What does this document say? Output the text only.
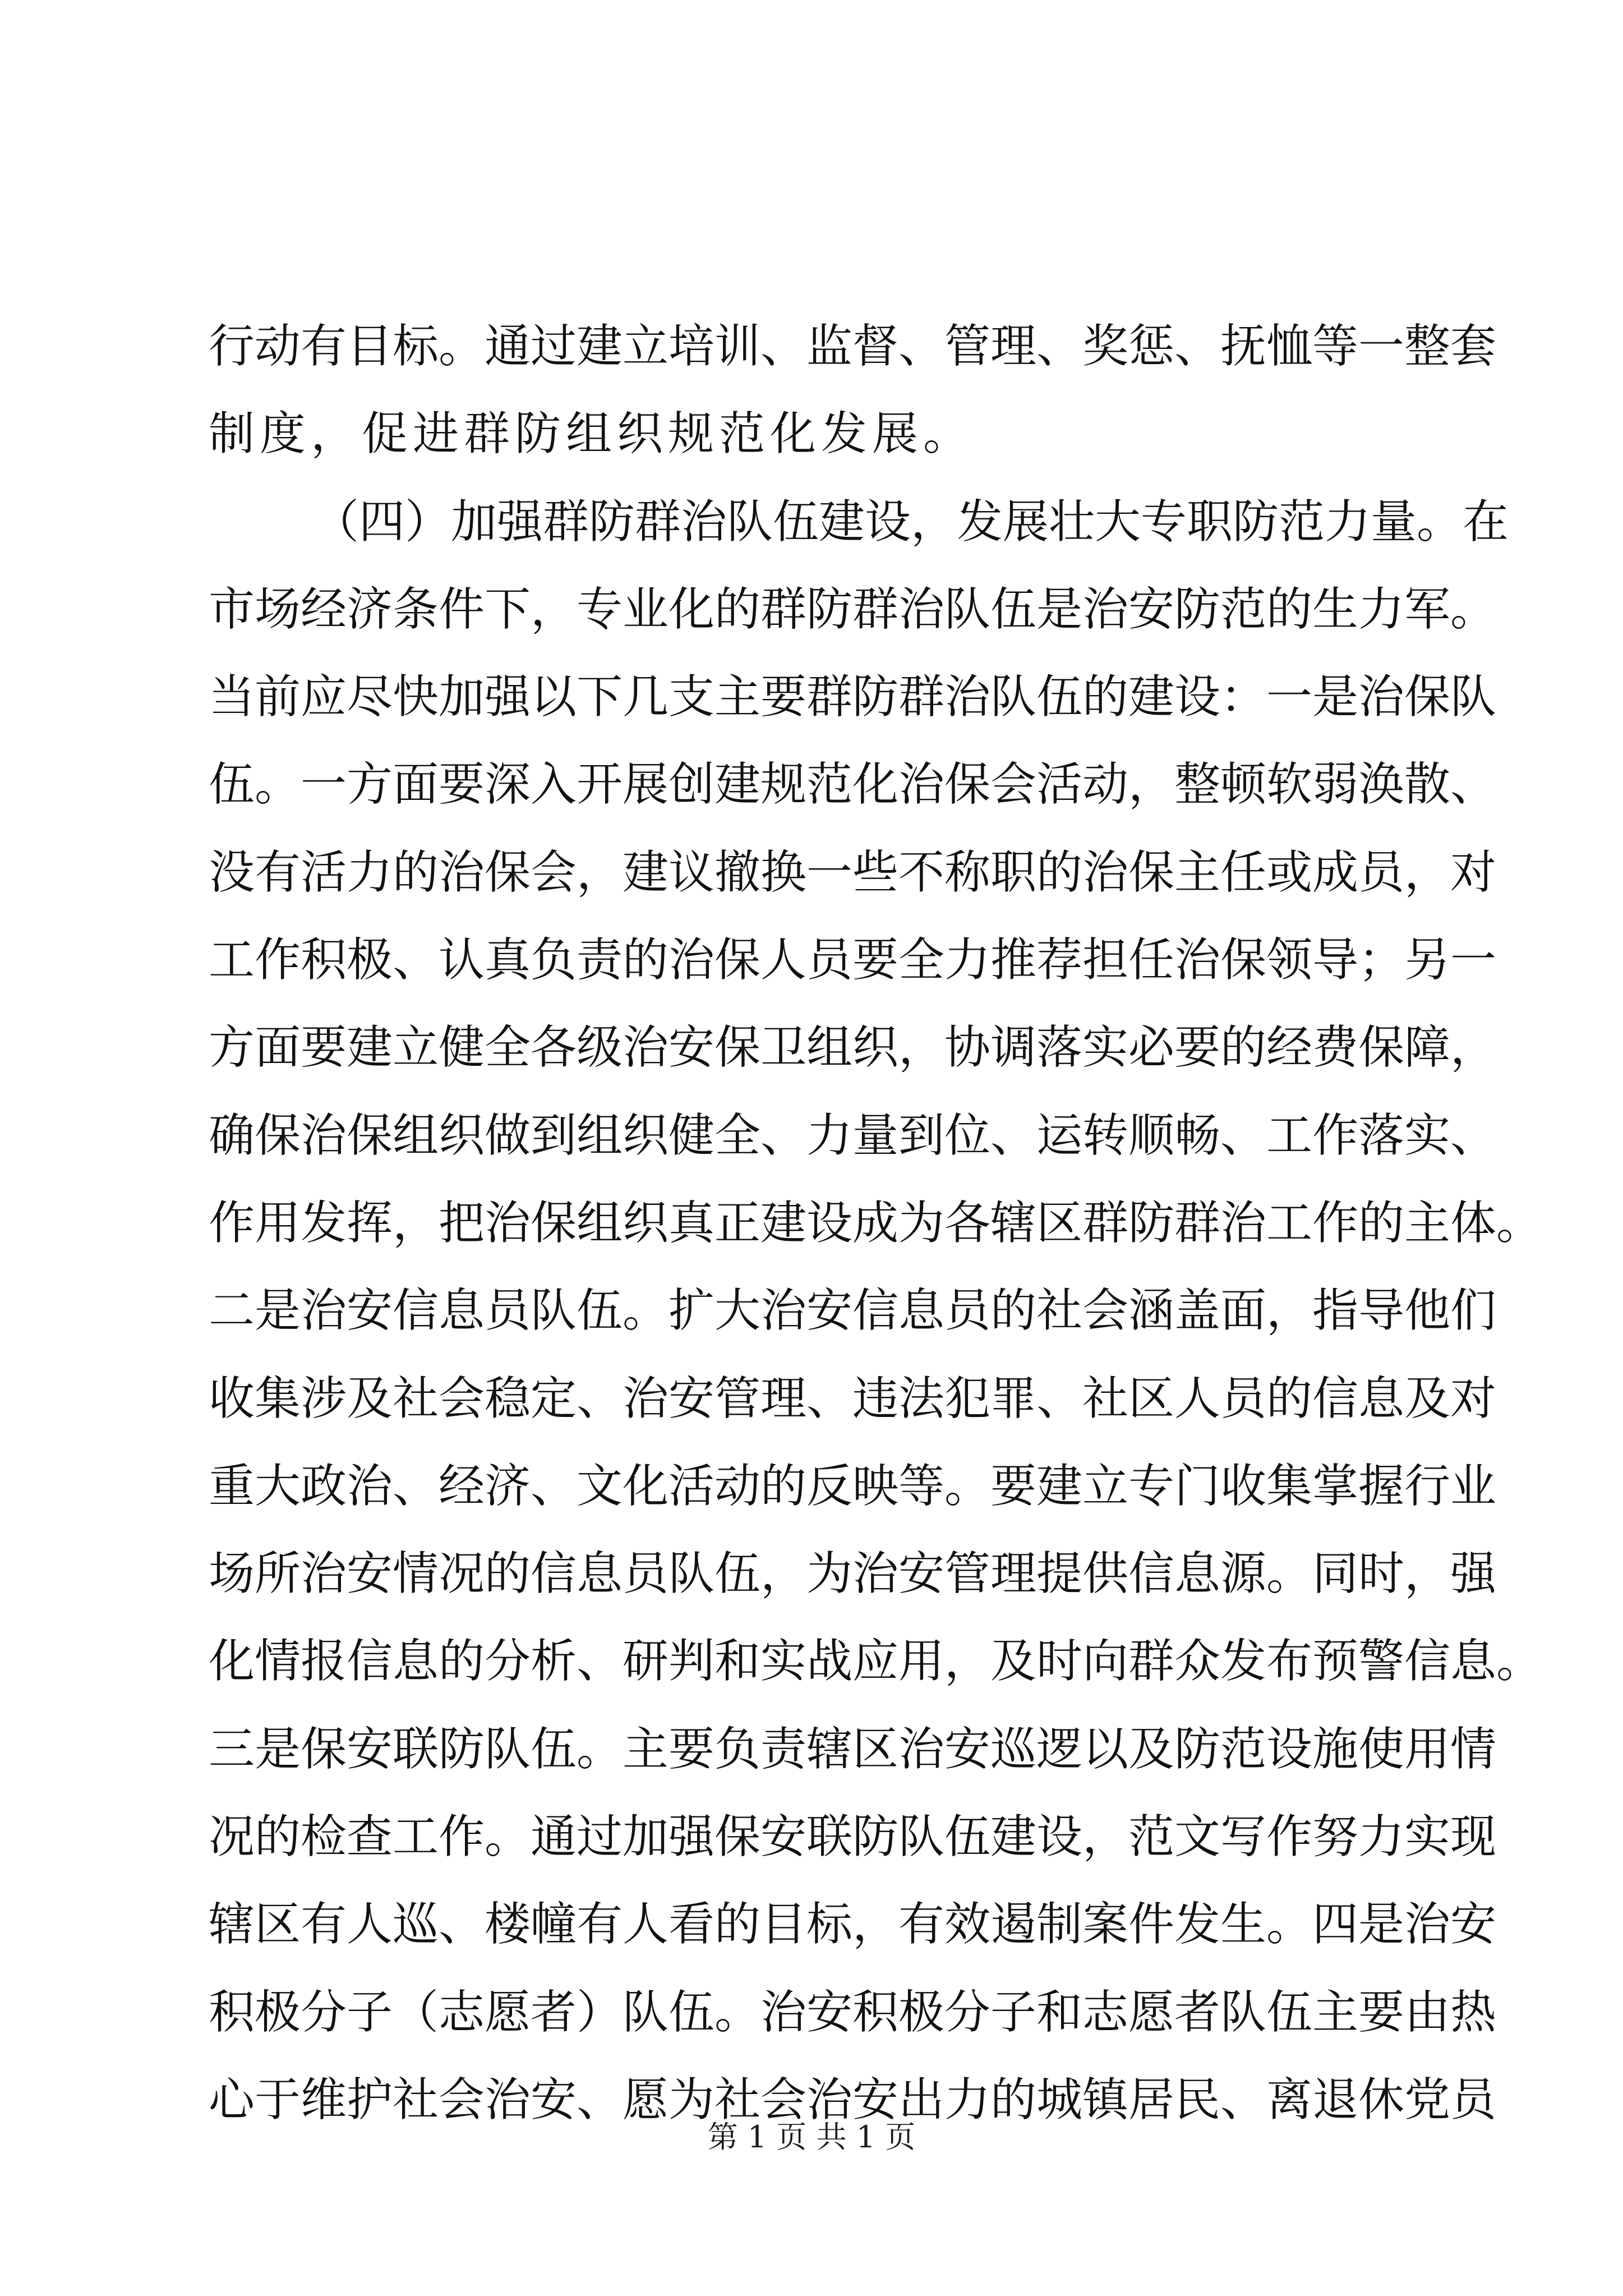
行动有目标。通过建立培训、监督、管理、奖惩、抚恤等一整套
制度，促进群防组织规范化发展。
（四）加强群防群治队伍建设，发展壮大专职防范力量。在
市场经济条件下，专业化的群防群治队伍是治安防范的生力军。
当前应尽快加强以下几支主要群防群治队伍的建设：一是治保队
伍。一方面要深入开展创建规范化治保会活动，整顿软弱涣散、
没有活力的治保会，建议撤换一些不称职的治保主任或成员，对
工作积极、认真负责的治保人员要全力推荐担任治保领导；另一
方面要建立健全各级治安保卫组织，协调落实必要的经费保障，
确保治保组织做到组织健全、力量到位、运转顺畅、工作落实、
作用发挥，把治保组织真正建设成为各辖区群防群治工作的主体。
二是治安信息员队伍。扩大治安信息员的社会涵盖面，指导他们
收集涉及社会稳定、治安管理、违法犯罪、社区人员的信息及对
重大政治、经济、文化活动的反映等。要建立专门收集掌握行业
场所治安情况的信息员队伍，为治安管理提供信息源。同时，强
化情报信息的分析、研判和实战应用，及时向群众发布预警信息。
三是保安联防队伍。主要负责辖区治安巡逻以及防范设施使用情
况的检查工作。通过加强保安联防队伍建设，范文写作努力实现
辖区有人巡、楼幢有人看的目标，有效遏制案件发生。四是治安
积极分子（志愿者）队伍。治安积极分子和志愿者队伍主要由热
心于维护社会治安、愿为社会治安出力的城镇居民、离退休党员
第 1 页 共 1 页
